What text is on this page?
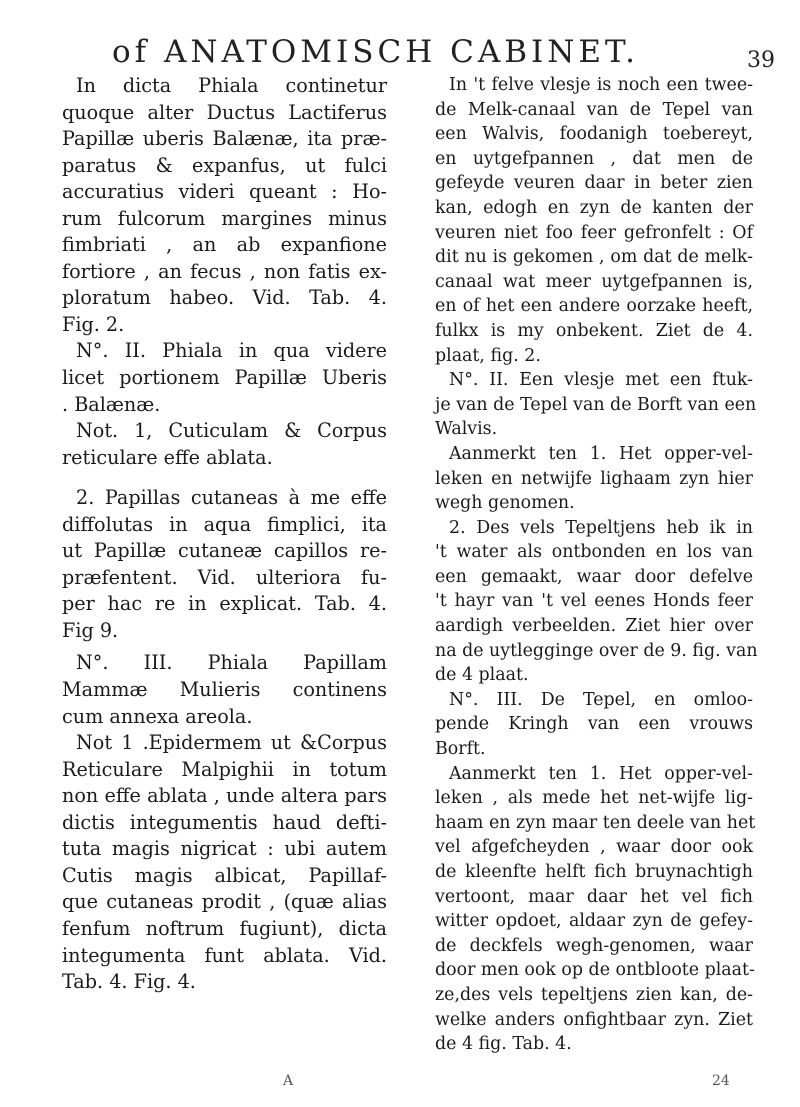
of ANATOMISCH CABINET.	39
In dicta Phiala continetur
quoque alter Ductus Lactiferus
Papillæ uberis Balænæ, ita præ-
paratus & expanfus, ut fulci
accuratius videri queant : Ho-
rum fulcorum margines minus
fimbriati , an ab expanfione
fortiore , an fecus , non fatis ex-
ploratum habeo. Vid. Tab. 4.
Fig. 2.
N°. II. Phiala in qua videre
licet portionem Papillæ Uberis
. Balænæ.
Not. 1, Cuticulam & Corpus
reticulare effe ablata.
2. Papillas cutaneas à me effe
diffolutas in aqua fimplici, ita
ut Papillæ cutaneæ capillos re-
præfentent. Vid. ulteriora fu-
per hac re in explicat. Tab. 4.
Fig 9.
N°. III. Phiala Papillam
Mammæ Mulieris continens
cum annexa areola.
Not 1 .Epidermem ut &Corpus
Reticulare Malpighii in totum
non effe ablata , unde altera pars
dictis integumentis haud defti-
tuta magis nigricat : ubi autem
Cutis magis albicat, Papillaf-
que cutaneas prodit , (quæ alias
fenfum noftrum fugiunt), dicta
integumenta funt ablata. Vid.
Tab. 4. Fig. 4.
In 't felve vlesje is noch een twee-
de Melk-canaal van de Tepel van
een Walvis, foodanigh toebereyt,
en uytgefpannen , dat men de
gefeyde veuren daar in beter zien
kan, edogh en zyn de kanten der
veuren niet foo feer gefronfelt : Of
dit nu is gekomen , om dat de melk-
canaal wat meer uytgefpannen is,
en of het een andere oorzake heeft,
fulkx is my onbekent. Ziet de 4.
plaat, fig. 2.
N°. II. Een vlesje met een ftuk-
je van de Tepel van de Borft van een
Walvis.
Aanmerkt ten 1. Het opper-vel-
leken en netwijfe lighaam zyn hier
wegh genomen.
2. Des vels Tepeltjens heb ik in
't water als ontbonden en los van
een gemaakt, waar door defelve
't hayr van 't vel eenes Honds feer
aardigh verbeelden. Ziet hier over
na de uytlegginge over de 9. fig. van
de 4 plaat.
N°. III. De Tepel, en omloo-
pende Kringh van een vrouws
Borft.
Aanmerkt ten 1. Het opper-vel-
leken , als mede het net-wijfe lig-
haam en zyn maar ten deele van het
vel afgefcheyden , waar door ook
de kleenfte helft fich bruynachtigh
vertoont, maar daar het vel fich
witter opdoet, aldaar zyn de gefey-
de deckfels wegh-genomen, waar
door men ook op de ontbloote plaat-
ze,des vels tepeltjens zien kan, de-
welke anders onfightbaar zyn. Ziet
de 4 fig. Tab. 4.
A	24
